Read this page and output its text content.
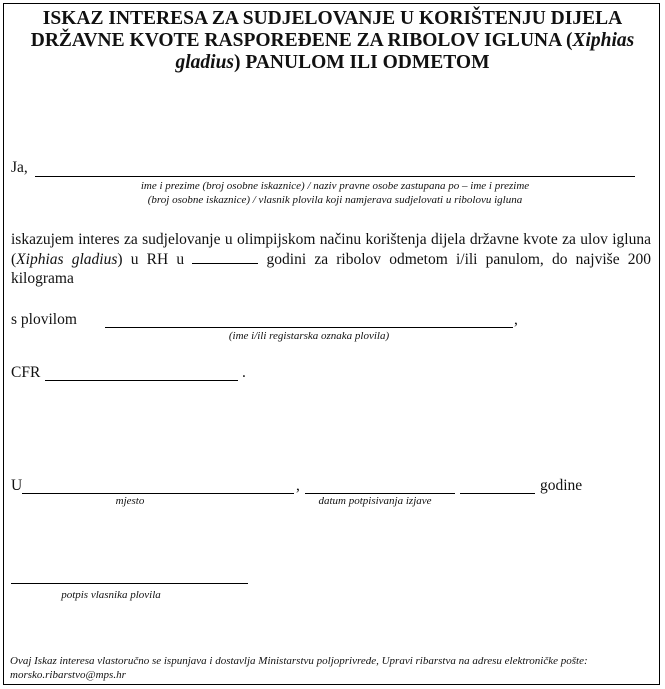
ISKAZ INTERESA ZA SUDJELOVANJE U KORIŠTENJU DIJELA
DRŽAVNE KVOTE RASPOREĐENE ZA RIBOLOV IGLUNA (Xiphias
gladius) PANULOM ILI ODMETOM
Ja,
ime i prezime (broj osobne iskaznice) / naziv pravne osobe zastupana po – ime i prezime
(broj osobne iskaznice) / vlasnik plovila koji namjerava sudjelovati u ribolovu igluna
iskazujem interes za sudjelovanje u olimpijskom načinu korištenja dijela državne kvote za ulov igluna (Xiphias gladius) u RH u	godini za ribolov odmetom i/ili panulom, do najviše 200 kilograma
s plovilom	,
(ime i/ili registarska oznaka plovila)
CFR	.
U	,	godine
mjesto	datum potpisivanja izjave
potpis vlasnika plovila
Ovaj Iskaz interesa vlastoručno se ispunjava i dostavlja Ministarstvu poljoprivrede, Upravi ribarstva na adresu elektroničke pošte: morsko.ribarstvo@mps.hr
